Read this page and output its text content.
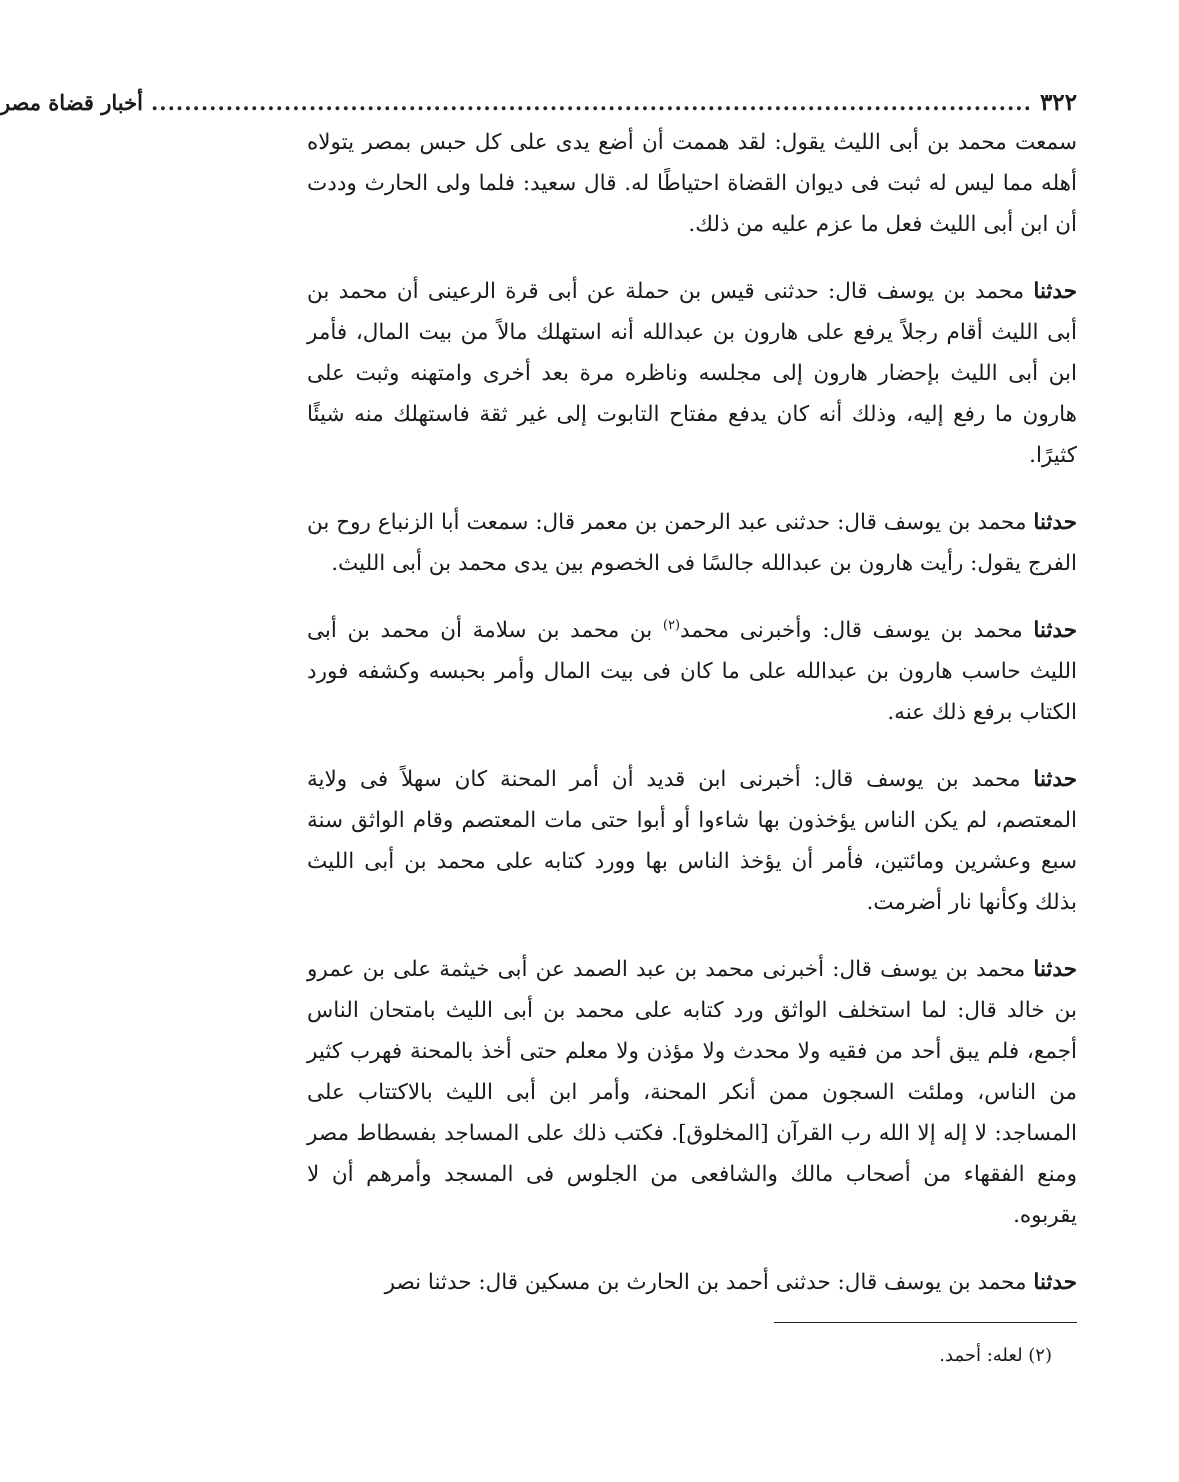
٣٢٢
..........................................................................................................
أخبار قضاة مصر

سمعت محمد بن أبى الليث يقول: لقد هممت أن أضع يدى على كل حبس بمصر يتولاه أهله مما ليس له ثبت فى ديوان القضاة احتياطًا له. قال سعيد: فلما ولى الحارث وددت أن ابن أبى الليث فعل ما عزم عليه من ذلك.

حدثنا محمد بن يوسف قال: حدثنى قيس بن حملة عن أبى قرة الرعينى أن محمد بن أبى الليث أقام رجلاً يرفع على هارون بن عبدالله أنه استهلك مالاً من بيت المال، فأمر ابن أبى الليث بإحضار هارون إلى مجلسه وناظره مرة بعد أخرى وامتهنه وثبت على هارون ما رفع إليه، وذلك أنه كان يدفع مفتاح التابوت إلى غير ثقة فاستهلك منه شيئًا كثيرًا.

حدثنا محمد بن يوسف قال: حدثنى عبد الرحمن بن معمر قال: سمعت أبا الزنباع روح بن الفرج يقول: رأيت هارون بن عبدالله جالسًا فى الخصوم بين يدى محمد بن أبى الليث.

حدثنا محمد بن يوسف قال: وأخبرنى محمد$^{(٢)}$ بن محمد بن سلامة أن محمد بن أبى الليث حاسب هارون بن عبدالله على ما كان فى بيت المال وأمر بحبسه وكشفه فورد الكتاب برفع ذلك عنه.

حدثنا محمد بن يوسف قال: أخبرنى ابن قديد أن أمر المحنة كان سهلاً فى ولاية المعتصم، لم يكن الناس يؤخذون بها شاءوا أو أبوا حتى مات المعتصم وقام الواثق سنة سبع وعشرين ومائتين، فأمر أن يؤخذ الناس بها وورد كتابه على محمد بن أبى الليث بذلك وكأنها نار أضرمت.

حدثنا محمد بن يوسف قال: أخبرنى محمد بن عبد الصمد عن أبى خيثمة على بن عمرو بن خالد قال: لما استخلف الواثق ورد كتابه على محمد بن أبى الليث بامتحان الناس أجمع، فلم يبق أحد من فقيه ولا محدث ولا مؤذن ولا معلم حتى أخذ بالمحنة فهرب كثير من الناس، وملئت السجون ممن أنكر المحنة، وأمر ابن أبى الليث بالاكتتاب على المساجد: لا إله إلا الله رب القرآن [المخلوق]. فكتب ذلك على المساجد بفسطاط مصر ومنع الفقهاء من أصحاب مالك والشافعى من الجلوس فى المسجد وأمرهم أن لا يقربوه.

حدثنا محمد بن يوسف قال: حدثنى أحمد بن الحارث بن مسكين قال: حدثنا نصر

(٢) لعله: أحمد.
